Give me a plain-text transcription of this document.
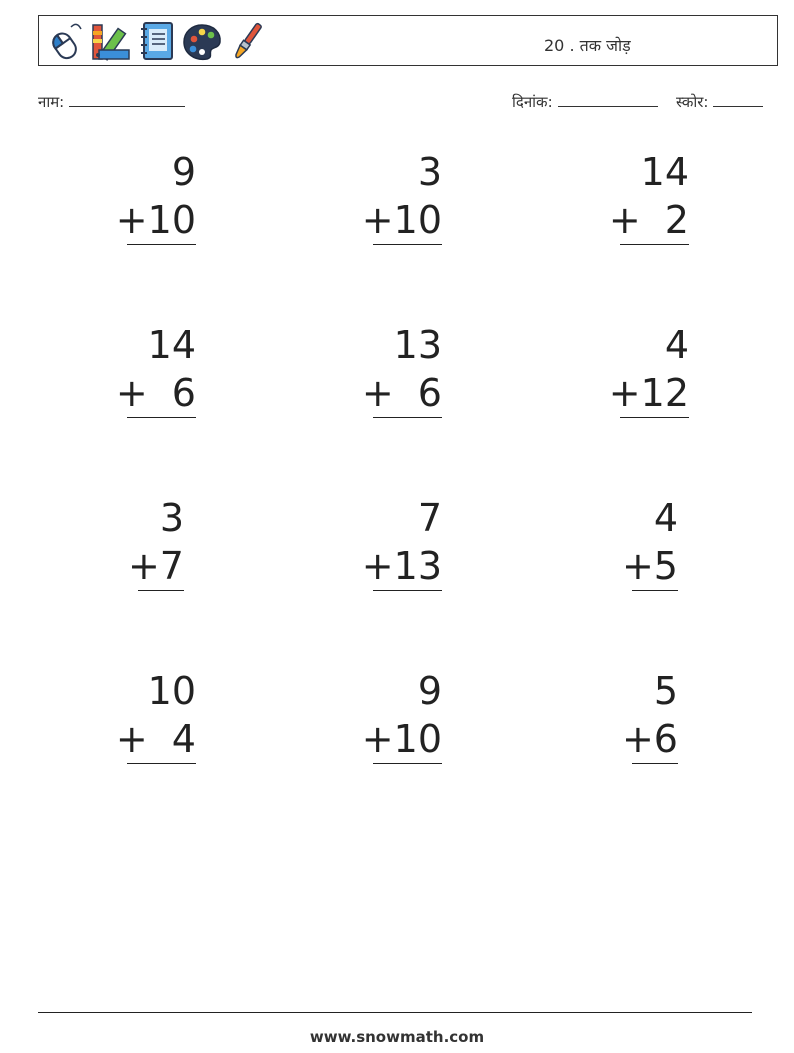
20 . तक जोड़
नाम:	दिनांक:	स्कोर:
9
+10
3
+10
14
+  2
14
+  6
13
+  6
4
+12
3
+7
7
+13
4
+5
10
+  4
9
+10
5
+6
www.snowmath.com
